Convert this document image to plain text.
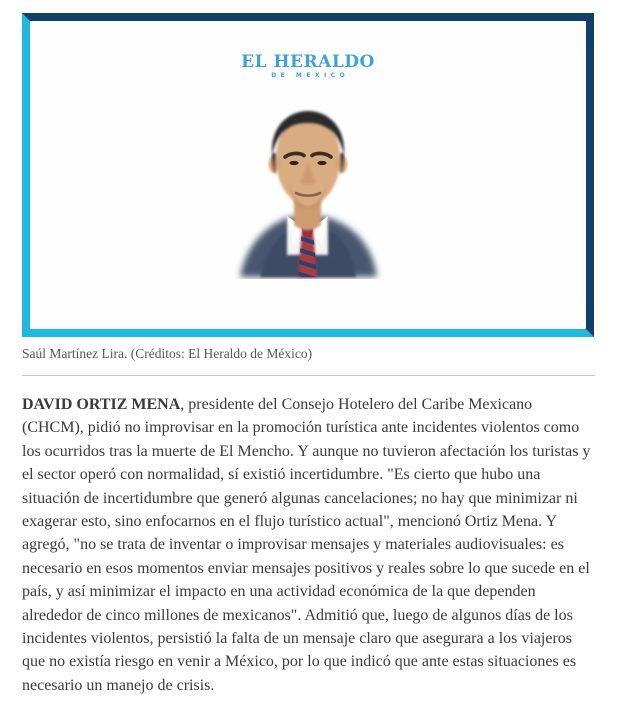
EL HERALDO
DE MEXICO
Saúl Martínez Lira. (Créditos: El Heraldo de México)

DAVID ORTIZ MENA, presidente del Consejo Hotelero del Caribe Mexicano (CHCM), pidió no improvisar en la promoción turística ante incidentes violentos como los ocurridos tras la muerte de El Mencho. Y aunque no tuvieron afectación los turistas y el sector operó con normalidad, sí existió incertidumbre. "Es cierto que hubo una situación de incertidumbre que generó algunas cancelaciones; no hay que minimizar ni exagerar esto, sino enfocarnos en el flujo turístico actual", mencionó Ortiz Mena. Y agregó, "no se trata de inventar o improvisar mensajes y materiales audiovisuales: es necesario en esos momentos enviar mensajes positivos y reales sobre lo que sucede en el país, y así minimizar el impacto en una actividad económica de la que dependen alrededor de cinco millones de mexicanos". Admitió que, luego de algunos días de los incidentes violentos, persistió la falta de un mensaje claro que asegurara a los viajeros que no existía riesgo en venir a México, por lo que indicó que ante estas situaciones es necesario un manejo de crisis.
